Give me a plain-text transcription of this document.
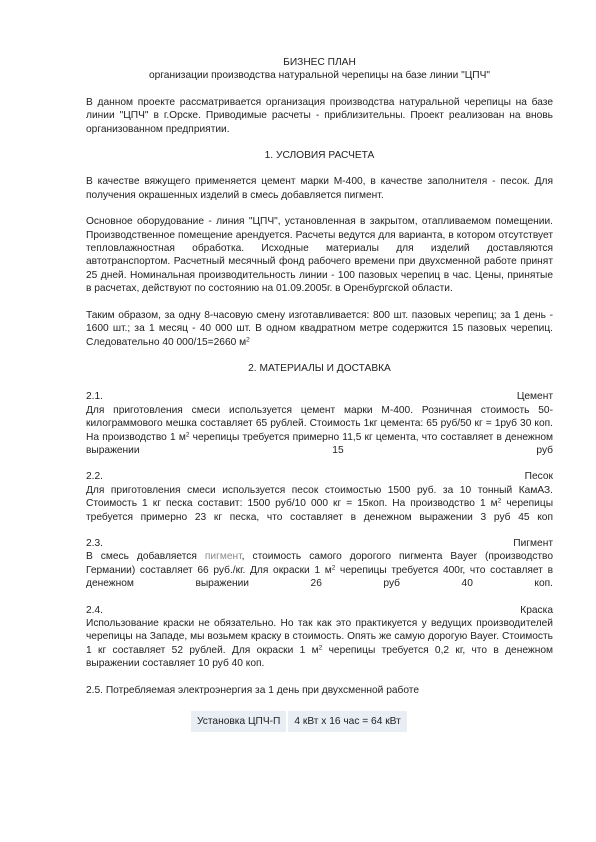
БИЗНЕС ПЛАН

организации производства натуральной черепицы на базе линии "ЦПЧ"

В данном проекте рассматривается организация производства натуральной черепицы на базе линии "ЦПЧ" в г.Орске. Приводимые расчеты - приблизительны. Проект реализован на вновь организованном предприятии.

1. УСЛОВИЯ РАСЧЕТА

В качестве вяжущего применяется цемент марки М-400, в качестве заполнителя - песок. Для получения окрашенных изделий в смесь добавляется пигмент.

Основное оборудование - линия "ЦПЧ", установленная в закрытом, отапливаемом помещении. Производственное помещение арендуется. Расчеты ведутся для варианта, в котором отсутствует тепловлажностная обработка. Исходные материалы для изделий доставляются автотранспортом. Расчетный месячный фонд рабочего времени при двухсменной работе принят 25 дней. Номинальная производительность линии - 100 пазовых черепиц в час. Цены, принятые в расчетах, действуют по состоянию на 01.09.2005г. в Оренбургской области.

Таким образом, за одну 8-часовую смену изготавливается: 800 шт. пазовых черепиц; за 1 день - 1600 шт.; за 1 месяц - 40 000 шт. В одном квадратном метре содержится 15 пазовых черепиц. Следовательно 40 000/15=2660 $м^2$

2. МАТЕРИАЛЫ И ДОСТАВКА

2.1.	Цемент

Для приготовления смеси используется цемент марки М-400. Розничная стоимость 50-килограммового мешка составляет 65 рублей. Стоимость 1кг цемента: 65 руб/50 кг = 1руб 30 коп. На производство 1 $м^2$ черепицы требуется примерно 11,5 кг цемента, что составляет в денежном выражении 15 руб

2.2.	Песок

Для приготовления смеси используется песок стоимостью 1500 руб. за 10 тонный КамАЗ. Стоимость 1 кг песка составит: 1500 руб/10 000 кг = 15коп. На производство 1 $м^2$ черепицы требуется примерно 23 кг песка, что составляет в денежном выражении 3 руб 45 коп

2.3.	Пигмент

В смесь добавляется пигмент, стоимость самого дорогого пигмента Bayer (производство Германии) составляет 66 руб./кг. Для окраски 1 $м^2$ черепицы требуется 400г, что составляет в денежном выражении 26 руб 40 коп.

2.4.	Краска

Использование краски не обязательно. Но так как это практикуется у ведущих производителей черепицы на Западе, мы возьмем краску в стоимость. Опять же самую дорогую Bayer. Стоимость 1 кг составляет 52 рублей. Для окраски 1 $м^2$ черепицы требуется 0,2 кг, что в денежном выражении составляет 10 руб 40 коп.

2.5. Потребляемая электроэнергия за 1 день при двухсменной работе

Установка ЦПЧ-П	4 кВт х 16 час = 64 кВт
